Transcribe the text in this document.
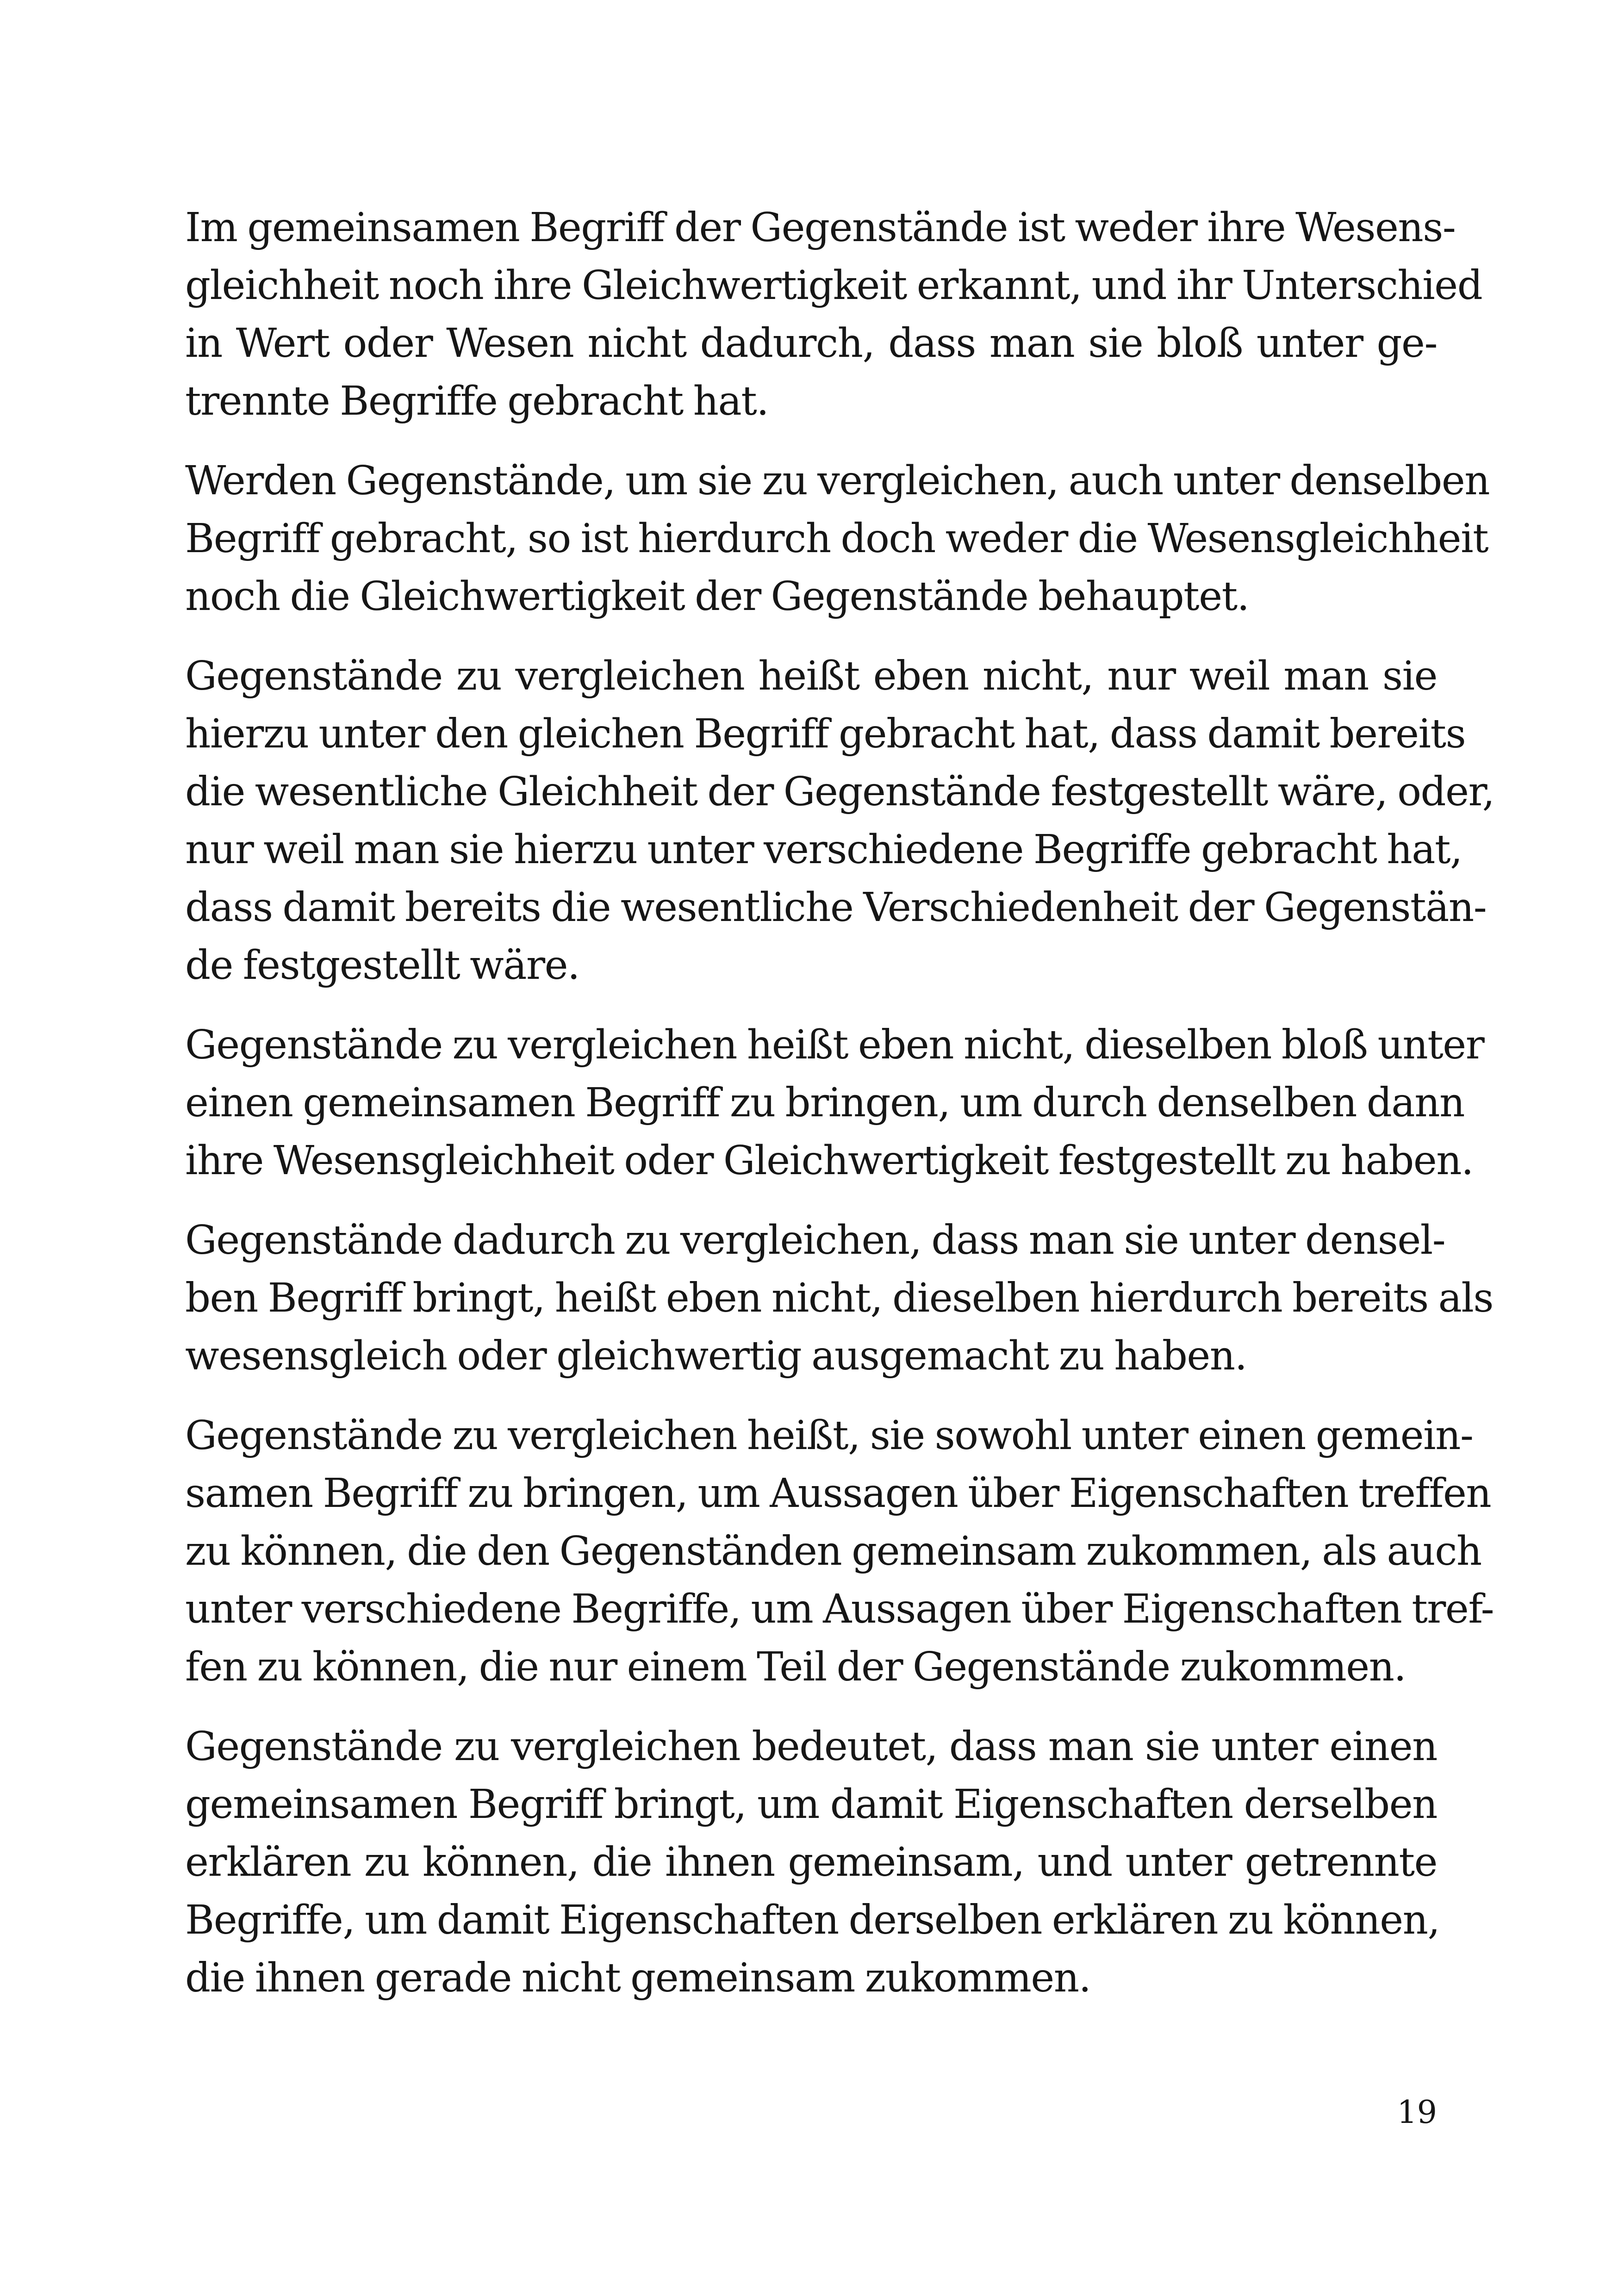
Im gemeinsamen Begriff der Gegenstände ist weder ihre Wesens-
gleichheit noch ihre Gleichwertigkeit erkannt, und ihr Unterschied
in Wert oder Wesen nicht dadurch, dass man sie bloß unter ge-
trennte Begriffe gebracht hat.

Werden Gegenstände, um sie zu vergleichen, auch unter denselben
Begriff gebracht, so ist hierdurch doch weder die Wesensgleichheit
noch die Gleichwertigkeit der Gegenstände behauptet.

Gegenstände zu vergleichen heißt eben nicht, nur weil man sie
hierzu unter den gleichen Begriff gebracht hat, dass damit bereits
die wesentliche Gleichheit der Gegenstände festgestellt wäre, oder,
nur weil man sie hierzu unter verschiedene Begriffe gebracht hat,
dass damit bereits die wesentliche Verschiedenheit der Gegenstän-
de festgestellt wäre.

Gegenstände zu vergleichen heißt eben nicht, dieselben bloß unter
einen gemeinsamen Begriff zu bringen, um durch denselben dann
ihre Wesensgleichheit oder Gleichwertigkeit festgestellt zu haben.

Gegenstände dadurch zu vergleichen, dass man sie unter densel-
ben Begriff bringt, heißt eben nicht, dieselben hierdurch bereits als
wesensgleich oder gleichwertig ausgemacht zu haben.

Gegenstände zu vergleichen heißt, sie sowohl unter einen gemein-
samen Begriff zu bringen, um Aussagen über Eigenschaften treffen
zu können, die den Gegenständen gemeinsam zukommen, als auch
unter verschiedene Begriffe, um Aussagen über Eigenschaften tref-
fen zu können, die nur einem Teil der Gegenstände zukommen.

Gegenstände zu vergleichen bedeutet, dass man sie unter einen
gemeinsamen Begriff bringt, um damit Eigenschaften derselben
erklären zu können, die ihnen gemeinsam, und unter getrennte
Begriffe, um damit Eigenschaften derselben erklären zu können,
die ihnen gerade nicht gemeinsam zukommen.

19
